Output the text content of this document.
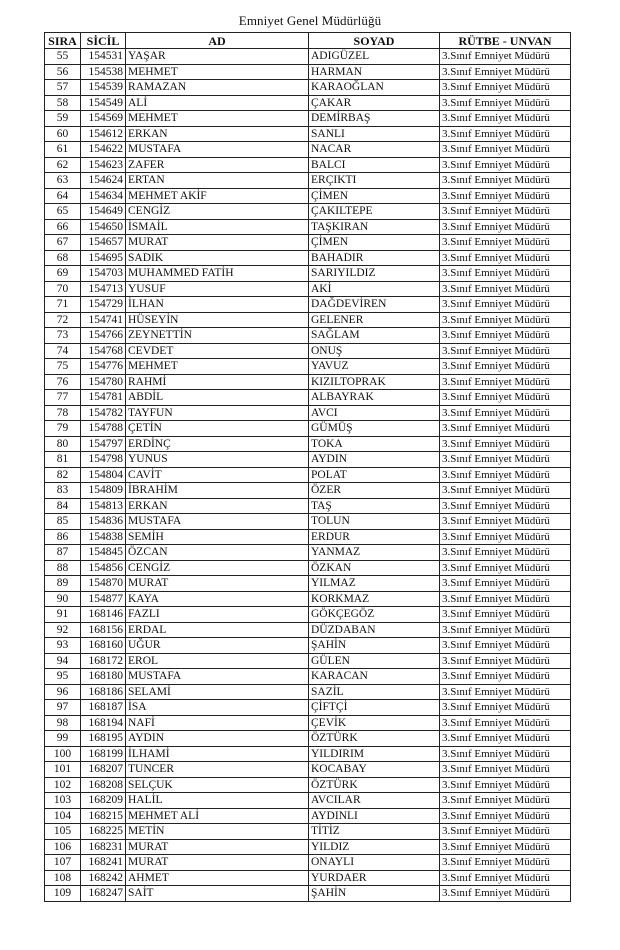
Emniyet Genel Müdürlüğü
SIRA	SİCİL	AD	SOYAD	RÜTBE - UNVAN
55	154531	YAŞAR	ADIGÜZEL	3.Sınıf Emniyet Müdürü
56	154538	MEHMET	HARMAN	3.Sınıf Emniyet Müdürü
57	154539	RAMAZAN	KARAOĞLAN	3.Sınıf Emniyet Müdürü
58	154549	ALİ	ÇAKAR	3.Sınıf Emniyet Müdürü
59	154569	MEHMET	DEMİRBAŞ	3.Sınıf Emniyet Müdürü
60	154612	ERKAN	SANLI	3.Sınıf Emniyet Müdürü
61	154622	MUSTAFA	NACAR	3.Sınıf Emniyet Müdürü
62	154623	ZAFER	BALCI	3.Sınıf Emniyet Müdürü
63	154624	ERTAN	ERÇIKTI	3.Sınıf Emniyet Müdürü
64	154634	MEHMET AKİF	ÇİMEN	3.Sınıf Emniyet Müdürü
65	154649	CENGİZ	ÇAKILTEPE	3.Sınıf Emniyet Müdürü
66	154650	İSMAİL	TAŞKIRAN	3.Sınıf Emniyet Müdürü
67	154657	MURAT	ÇİMEN	3.Sınıf Emniyet Müdürü
68	154695	SADIK	BAHADIR	3.Sınıf Emniyet Müdürü
69	154703	MUHAMMED FATİH	SARIYILDIZ	3.Sınıf Emniyet Müdürü
70	154713	YUSUF	AKİ	3.Sınıf Emniyet Müdürü
71	154729	İLHAN	DAĞDEVİREN	3.Sınıf Emniyet Müdürü
72	154741	HÜSEYİN	GELENER	3.Sınıf Emniyet Müdürü
73	154766	ZEYNETTİN	SAĞLAM	3.Sınıf Emniyet Müdürü
74	154768	CEVDET	ONUŞ	3.Sınıf Emniyet Müdürü
75	154776	MEHMET	YAVUZ	3.Sınıf Emniyet Müdürü
76	154780	RAHMİ	KIZILTOPRAK	3.Sınıf Emniyet Müdürü
77	154781	ABDİL	ALBAYRAK	3.Sınıf Emniyet Müdürü
78	154782	TAYFUN	AVCI	3.Sınıf Emniyet Müdürü
79	154788	ÇETİN	GÜMÜŞ	3.Sınıf Emniyet Müdürü
80	154797	ERDİNÇ	TOKA	3.Sınıf Emniyet Müdürü
81	154798	YUNUS	AYDIN	3.Sınıf Emniyet Müdürü
82	154804	CAVİT	POLAT	3.Sınıf Emniyet Müdürü
83	154809	İBRAHİM	ÖZER	3.Sınıf Emniyet Müdürü
84	154813	ERKAN	TAŞ	3.Sınıf Emniyet Müdürü
85	154836	MUSTAFA	TOLUN	3.Sınıf Emniyet Müdürü
86	154838	SEMİH	ERDUR	3.Sınıf Emniyet Müdürü
87	154845	ÖZCAN	YANMAZ	3.Sınıf Emniyet Müdürü
88	154856	CENGİZ	ÖZKAN	3.Sınıf Emniyet Müdürü
89	154870	MURAT	YILMAZ	3.Sınıf Emniyet Müdürü
90	154877	KAYA	KORKMAZ	3.Sınıf Emniyet Müdürü
91	168146	FAZLI	GÖKÇEGÖZ	3.Sınıf Emniyet Müdürü
92	168156	ERDAL	DÜZDABAN	3.Sınıf Emniyet Müdürü
93	168160	UĞUR	ŞAHİN	3.Sınıf Emniyet Müdürü
94	168172	EROL	GÜLEN	3.Sınıf Emniyet Müdürü
95	168180	MUSTAFA	KARACAN	3.Sınıf Emniyet Müdürü
96	168186	SELAMİ	SAZİL	3.Sınıf Emniyet Müdürü
97	168187	İSA	ÇİFTÇİ	3.Sınıf Emniyet Müdürü
98	168194	NAFİ	ÇEVİK	3.Sınıf Emniyet Müdürü
99	168195	AYDIN	ÖZTÜRK	3.Sınıf Emniyet Müdürü
100	168199	İLHAMİ	YILDIRIM	3.Sınıf Emniyet Müdürü
101	168207	TUNCER	KOCABAY	3.Sınıf Emniyet Müdürü
102	168208	SELÇUK	ÖZTÜRK	3.Sınıf Emniyet Müdürü
103	168209	HALİL	AVCILAR	3.Sınıf Emniyet Müdürü
104	168215	MEHMET ALİ	AYDINLI	3.Sınıf Emniyet Müdürü
105	168225	METİN	TİTİZ	3.Sınıf Emniyet Müdürü
106	168231	MURAT	YILDIZ	3.Sınıf Emniyet Müdürü
107	168241	MURAT	ONAYLI	3.Sınıf Emniyet Müdürü
108	168242	AHMET	YURDAER	3.Sınıf Emniyet Müdürü
109	168247	SAİT	ŞAHİN	3.Sınıf Emniyet Müdürü
